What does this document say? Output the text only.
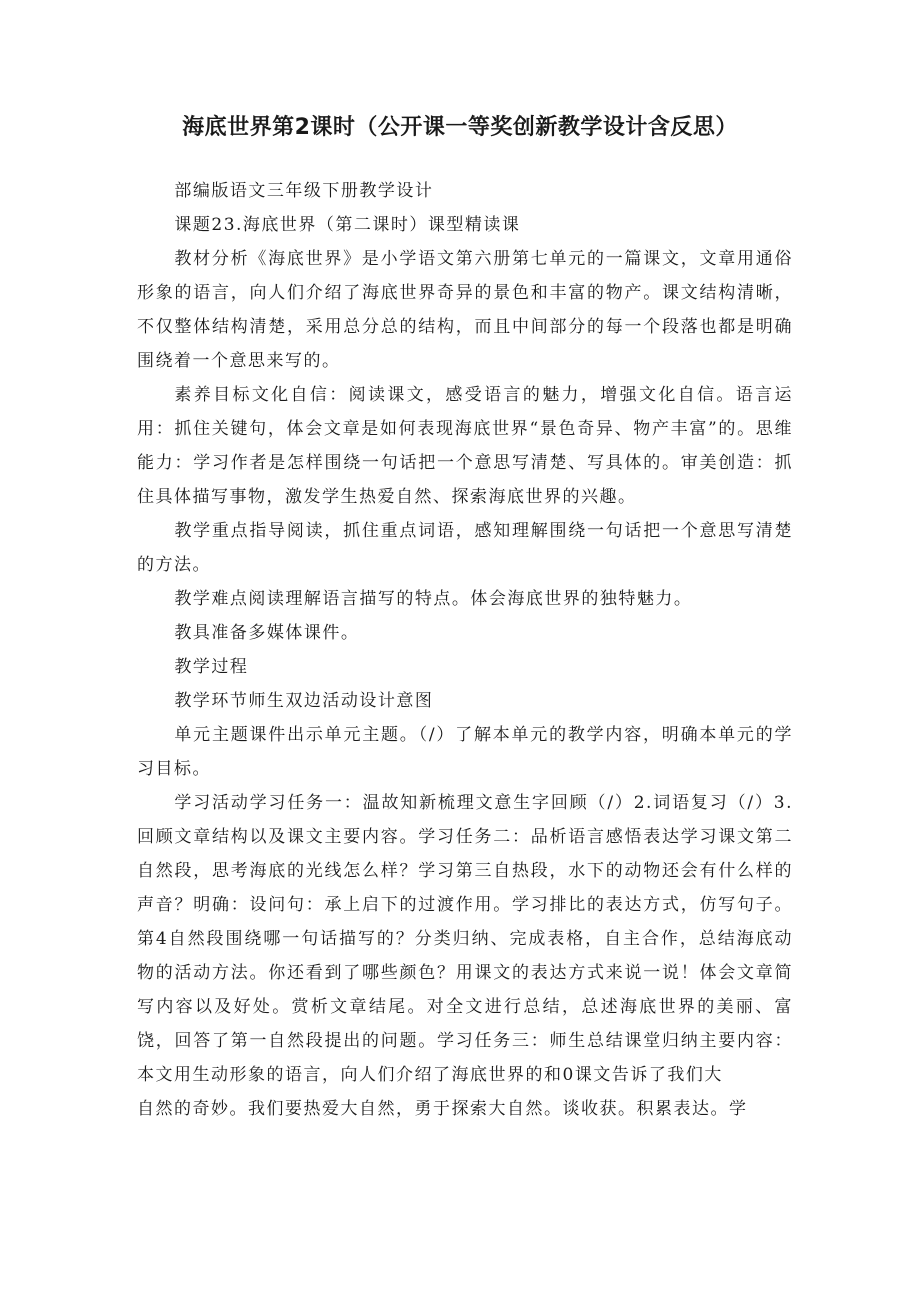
海底世界第2课时（公开课一等奖创新教学设计含反思）

部编版语文三年级下册教学设计

课题23.海底世界（第二课时）课型精读课

教材分析《海底世界》是小学语文第六册第七单元的一篇课文，文章用通俗形象的语言，向人们介绍了海底世界奇异的景色和丰富的物产。课文结构清晰，不仅整体结构清楚，采用总分总的结构，而且中间部分的每一个段落也都是明确围绕着一个意思来写的。

素养目标文化自信：阅读课文，感受语言的魅力，增强文化自信。语言运用：抓住关键句，体会文章是如何表现海底世界“景色奇异、物产丰富”的。思维能力：学习作者是怎样围绕一句话把一个意思写清楚、写具体的。审美创造：抓住具体描写事物，激发学生热爱自然、探索海底世界的兴趣。

教学重点指导阅读，抓住重点词语，感知理解围绕一句话把一个意思写清楚的方法。

教学难点阅读理解语言描写的特点。体会海底世界的独特魅力。

教具准备多媒体课件。

教学过程

教学环节师生双边活动设计意图

单元主题课件出示单元主题。（/）了解本单元的教学内容，明确本单元的学习目标。

学习活动学习任务一：温故知新梳理文意生字回顾（/）2.词语复习（/）3.回顾文章结构以及课文主要内容。学习任务二：品析语言感悟表达学习课文第二自然段，思考海底的光线怎么样？学习第三自热段，水下的动物还会有什么样的声音？明确：设问句：承上启下的过渡作用。学习排比的表达方式，仿写句子。第4自然段围绕哪一句话描写的？分类归纳、完成表格，自主合作，总结海底动物的活动方法。你还看到了哪些颜色？用课文的表达方式来说一说！体会文章简写内容以及好处。赏析文章结尾。对全文进行总结，总述海底世界的美丽、富饶，回答了第一自然段提出的问题。学习任务三：师生总结课堂归纳主要内容：本文用生动形象的语言，向人们介绍了海底世界的和0课文告诉了我们大

自然的奇妙。我们要热爱大自然，勇于探索大自然。谈收获。积累表达。学
